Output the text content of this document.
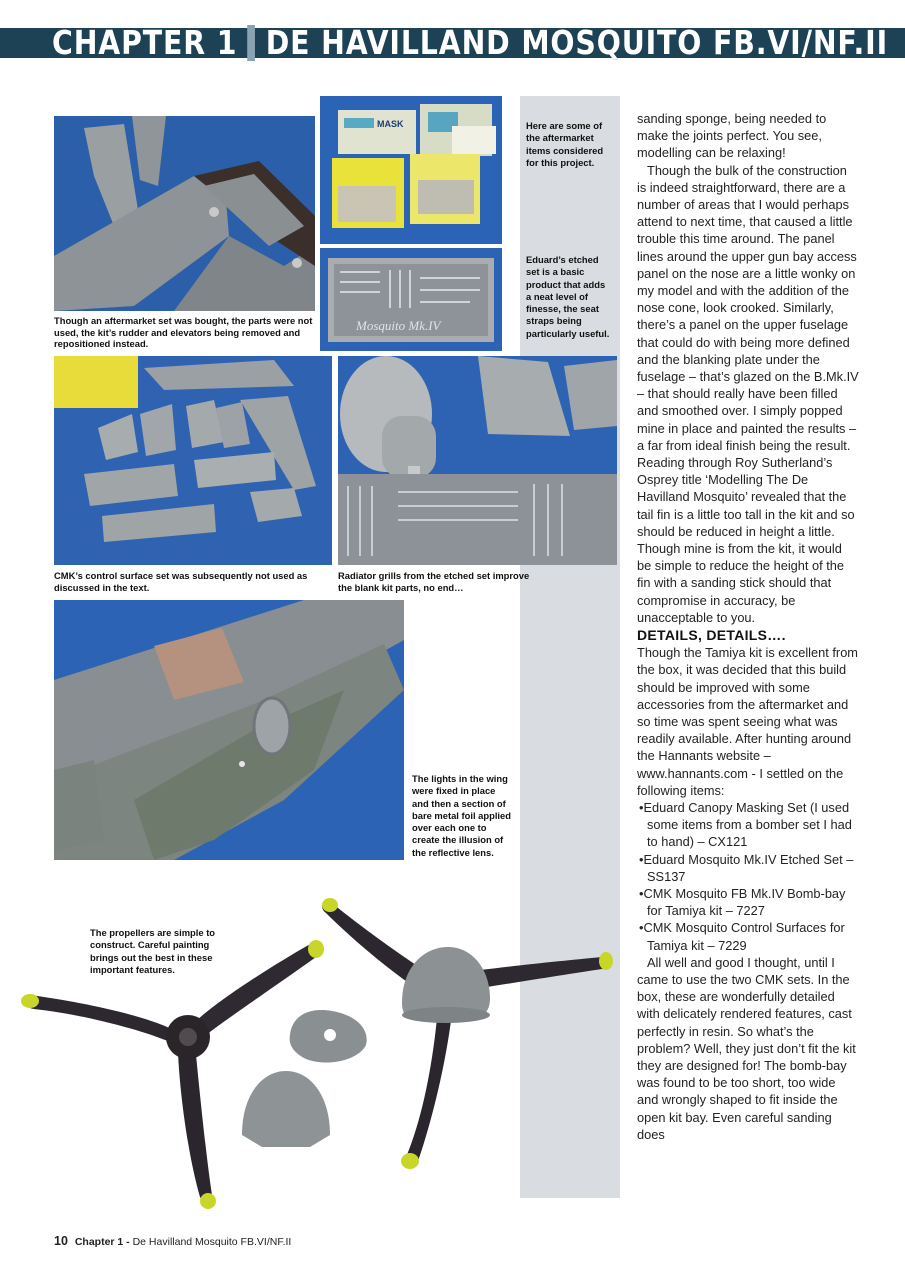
CHAPTER 1 DE HAVILLAND MOSQUITO FB.VI/NF.II
Though an aftermarket set was bought, the parts were not used, the kit’s rudder and elevators being removed and repositioned instead.
MASK	Here are some of the aftermarket items considered for this project.
Mosquito Mk.IV
Eduard’s etched set is a basic product that adds a neat level of finesse, the seat straps being particularly useful.
CMK’s control surface set was subsequently not used as discussed in the text.
Radiator grills from the etched set improve the blank kit parts, no end…
The lights in the wing were fixed in place and then a section of bare metal foil applied over each one to create the illusion of the reflective lens.
The propellers are simple to construct. Careful painting brings out the best in these important features.

sanding sponge, being needed to make the joints perfect. You see, modelling can be relaxing!

Though the bulk of the construction is indeed straightforward, there are a number of areas that I would perhaps attend to next time, that caused a little trouble this time around. The panel lines around the upper gun bay access panel on the nose are a little wonky on my model and with the addition of the nose cone, look crooked. Similarly, there’s a panel on the upper fuselage that could do with being more defined and the blanking plate under the fuselage – that’s glazed on the B.Mk.IV – that should really have been filled and smoothed over. I simply popped mine in place and painted the results – a far from ideal finish being the result. Reading through Roy Sutherland’s Osprey title ‘Modelling The De Havilland Mosquito’ revealed that the tail fin is a little too tall in the kit and so should be reduced in height a little. Though mine is from the kit, it would be simple to reduce the height of the fin with a sanding stick should that compromise in accuracy, be unacceptable to you.

DETAILS, DETAILS….

Though the Tamiya kit is excellent from the box, it was decided that this build should be improved with some accessories from the aftermarket and so time was spent seeing what was readily available. After hunting around the Hannants website – www.hannants.com - I settled on the following items:

•Eduard Canopy Masking Set (I used some items from a bomber set I had to hand) – CX121

•Eduard Mosquito Mk.IV Etched Set – SS137

•CMK Mosquito FB Mk.IV Bomb-bay for Tamiya kit – 7227

•CMK Mosquito Control Surfaces for Tamiya kit – 7229

All well and good I thought, until I came to use the two CMK sets. In the box, these are wonderfully detailed with delicately rendered features, cast perfectly in resin. So what’s the problem? Well, they just don’t fit the kit they are designed for! The bomb-bay was found to be too short, too wide and wrongly shaped to fit inside the open kit bay. Even careful sanding does

10 Chapter 1 - De Havilland Mosquito FB.VI/NF.II
